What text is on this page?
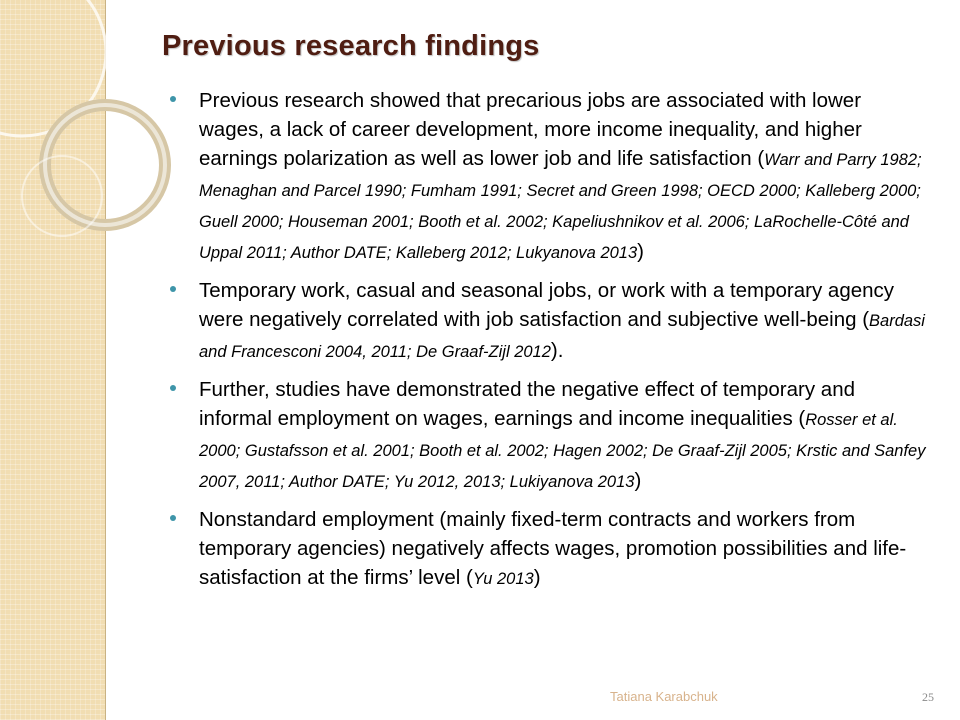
Previous research findings
Previous research showed that precarious jobs are associated with lower wages, a lack of career development, more income inequality, and higher earnings polarization as well as lower job and life satisfaction (Warr and Parry 1982; Menaghan and Parcel 1990; Fumham 1991; Secret and Green 1998; OECD 2000; Kalleberg 2000; Guell 2000; Houseman 2001; Booth et al. 2002; Kapeliushnikov et al. 2006; LaRochelle-Côté and Uppal 2011; Author DATE; Kalleberg 2012; Lukyanova 2013)
Temporary work, casual and seasonal jobs, or work with a temporary agency were negatively correlated with job satisfaction and subjective well-being (Bardasi and Francesconi 2004, 2011; De Graaf-Zijl 2012).
Further, studies have demonstrated the negative effect of temporary and informal employment on wages, earnings and income inequalities (Rosser et al. 2000; Gustafsson et al. 2001; Booth et al. 2002; Hagen 2002; De Graaf-Zijl 2005; Krstic and Sanfey 2007, 2011; Author DATE; Yu 2012, 2013; Lukiyanova 2013)
Nonstandard employment (mainly fixed-term contracts and workers from temporary agencies) negatively affects wages, promotion possibilities and life-satisfaction at the firms’ level (Yu 2013)
Tatiana Karabchuk	25
